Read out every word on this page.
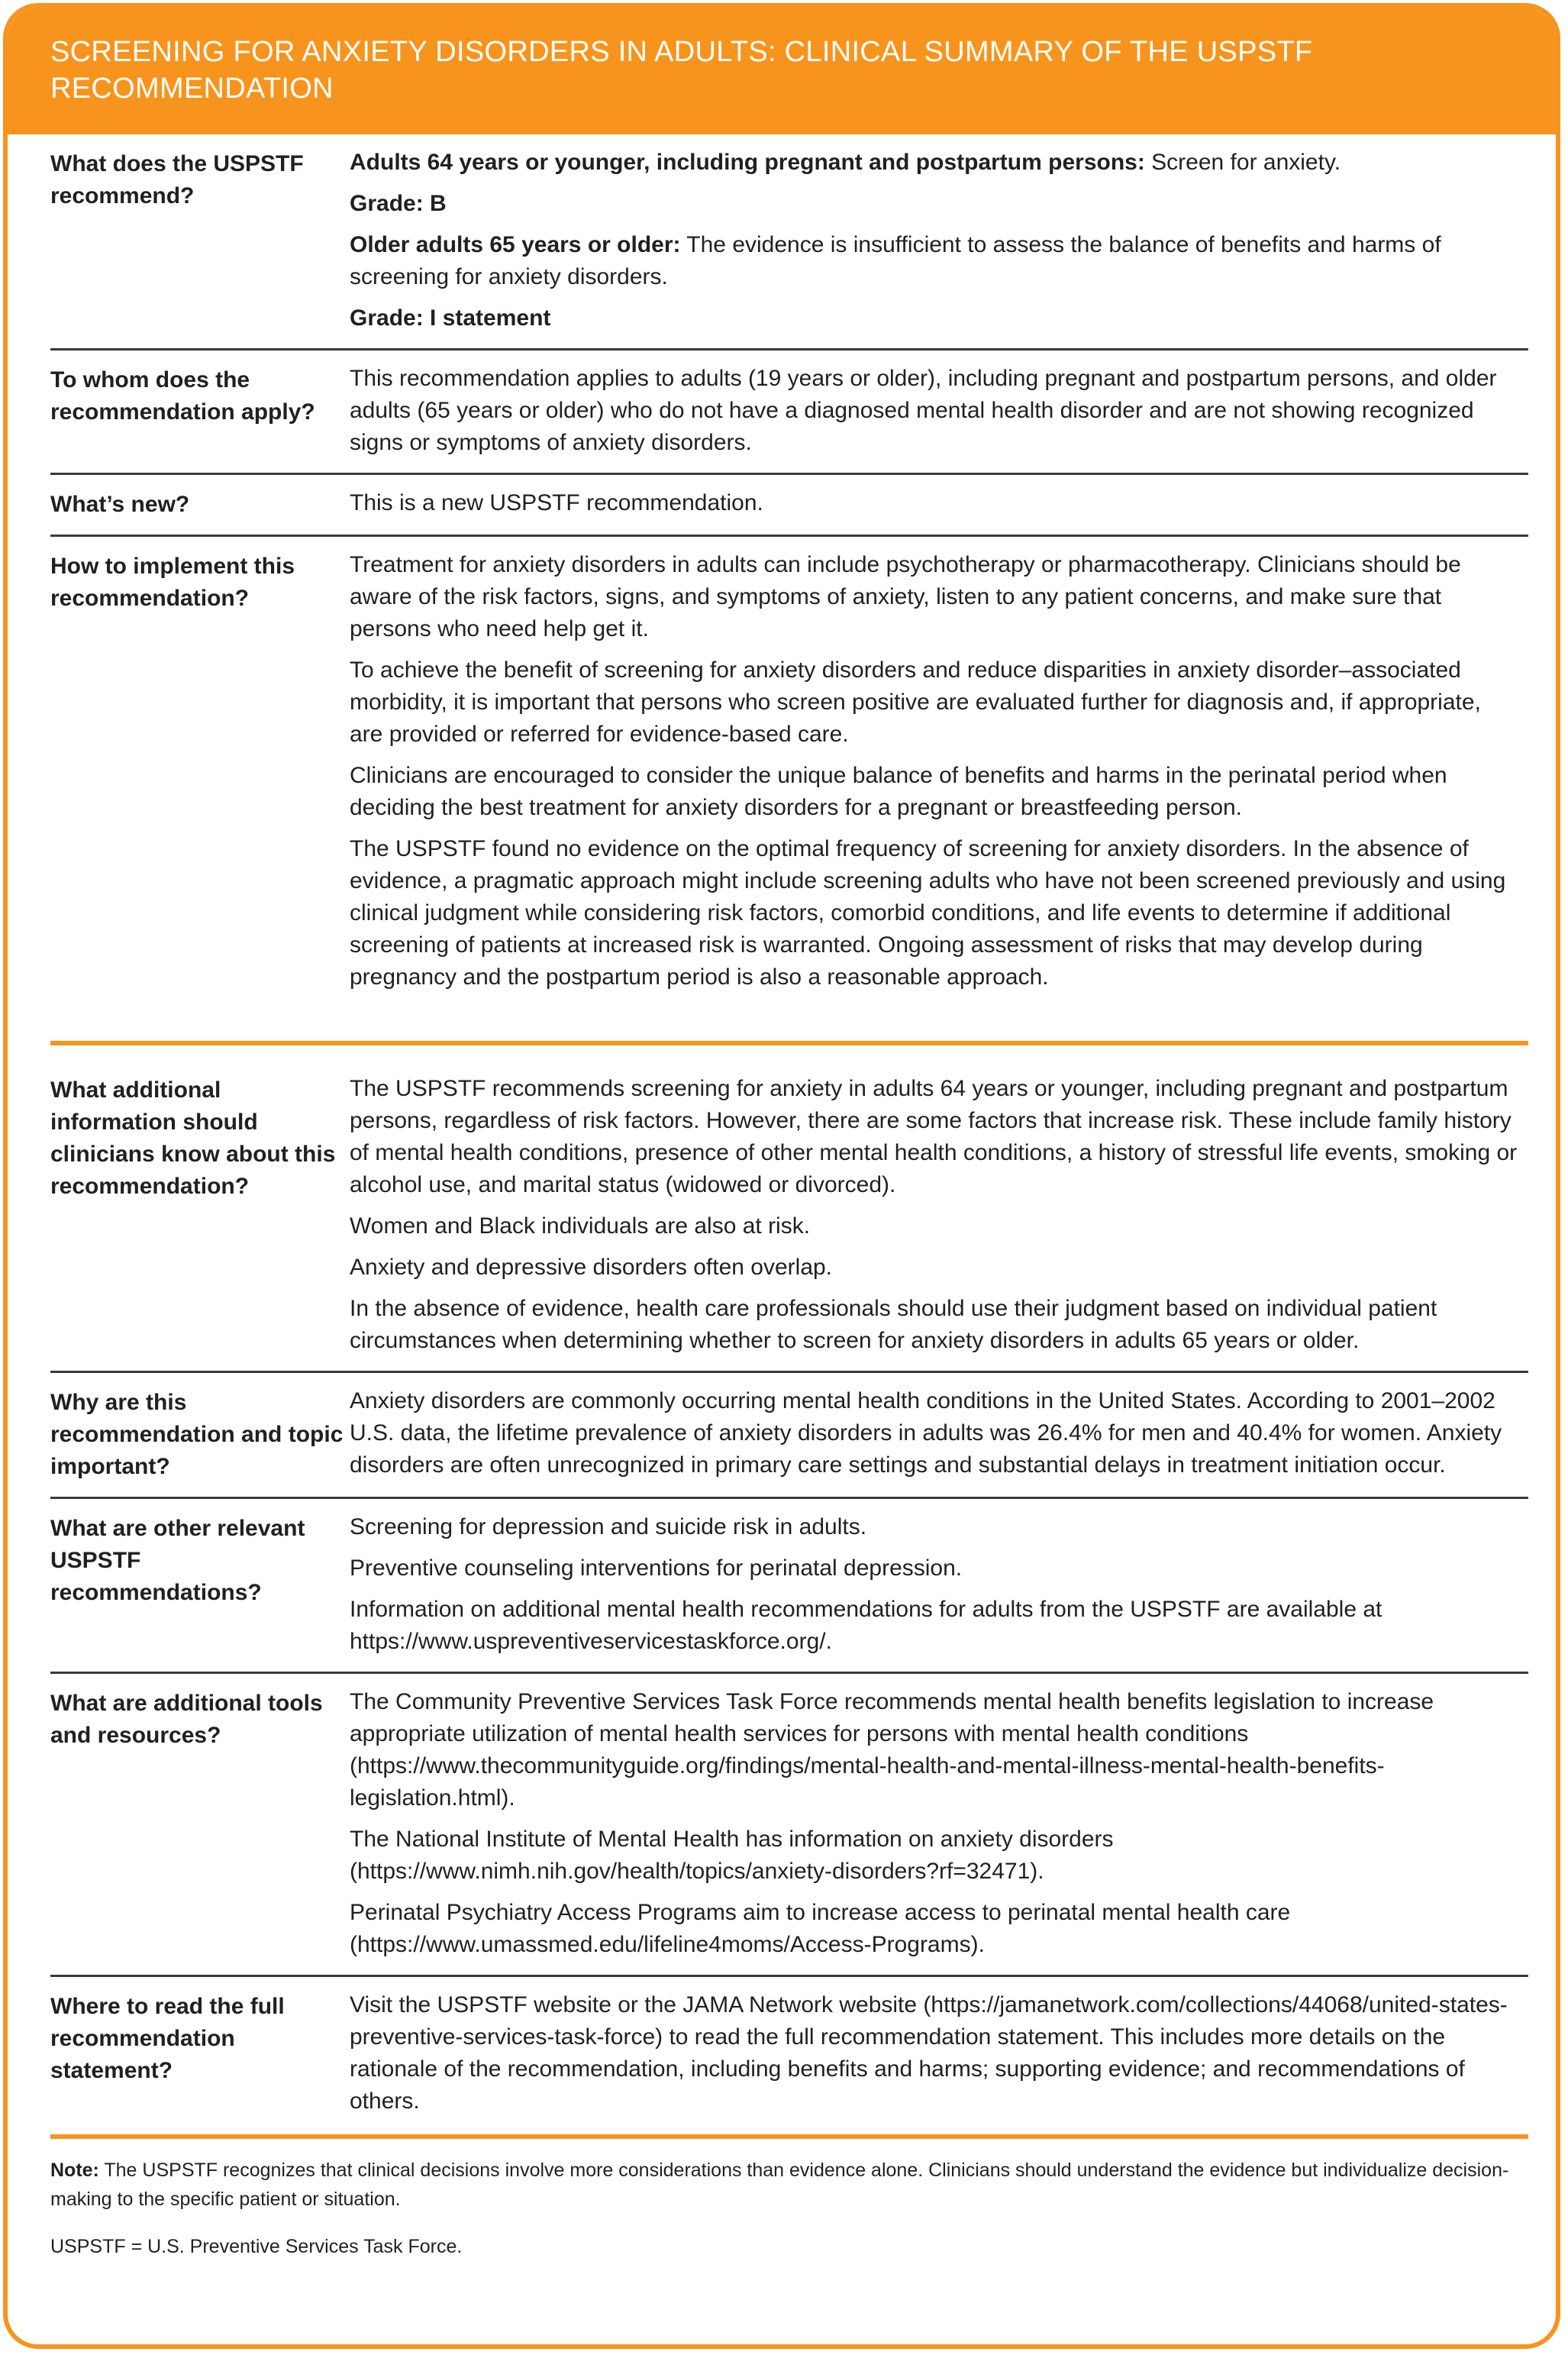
SCREENING FOR ANXIETY DISORDERS IN ADULTS: CLINICAL SUMMARY OF THE USPSTF RECOMMENDATION
What does the USPSTF recommend?

Adults 64 years or younger, including pregnant and postpartum persons: Screen for anxiety.

Grade: B

Older adults 65 years or older: The evidence is insufficient to assess the balance of benefits and harms of screening for anxiety disorders.

Grade: I statement

To whom does the recommendation apply?

This recommendation applies to adults (19 years or older), including pregnant and postpartum persons, and older adults (65 years or older) who do not have a diagnosed mental health disorder and are not showing recognized signs or symptoms of anxiety disorders.

What’s new?	This is a new USPSTF recommendation.

How to implement this recommendation?

Treatment for anxiety disorders in adults can include psychotherapy or pharmacotherapy. Clinicians should be aware of the risk factors, signs, and symptoms of anxiety, listen to any patient concerns, and make sure that persons who need help get it.

To achieve the benefit of screening for anxiety disorders and reduce disparities in anxiety disorder–associated morbidity, it is important that persons who screen positive are evaluated further for diagnosis and, if appropriate, are provided or referred for evidence-based care.

Clinicians are encouraged to consider the unique balance of benefits and harms in the perinatal period when deciding the best treatment for anxiety disorders for a pregnant or breastfeeding person.

The USPSTF found no evidence on the optimal frequency of screening for anxiety disorders. In the absence of evidence, a pragmatic approach might include screening adults who have not been screened previously and using clinical judgment while considering risk factors, comorbid conditions, and life events to determine if additional screening of patients at increased risk is warranted. Ongoing assessment of risks that may develop during pregnancy and the postpartum period is also a reasonable approach.

What additional information should clinicians know about this recommendation?

The USPSTF recommends screening for anxiety in adults 64 years or younger, including pregnant and postpartum persons, regardless of risk factors. However, there are some factors that increase risk. These include family history of mental health conditions, presence of other mental health conditions, a history of stressful life events, smoking or alcohol use, and marital status (widowed or divorced).

Women and Black individuals are also at risk.

Anxiety and depressive disorders often overlap.

In the absence of evidence, health care professionals should use their judgment based on individual patient circumstances when determining whether to screen for anxiety disorders in adults 65 years or older.

Why are this recommendation and topic important?

Anxiety disorders are commonly occurring mental health conditions in the United States. According to 2001–2002 U.S. data, the lifetime prevalence of anxiety disorders in adults was 26.4% for men and 40.4% for women. Anxiety disorders are often unrecognized in primary care settings and substantial delays in treatment initiation occur.

What are other relevant USPSTF recommendations?

Screening for depression and suicide risk in adults.

Preventive counseling interventions for perinatal depression.

Information on additional mental health recommendations for adults from the USPSTF are available at https://www.uspreventiveservicestaskforce.org/.

What are additional tools and resources?

The Community Preventive Services Task Force recommends mental health benefits legislation to increase appropriate utilization of mental health services for persons with mental health conditions (https://www.thecommunityguide.org/findings/mental-health-and-mental-illness-mental-health-benefits-legislation.html).

The National Institute of Mental Health has information on anxiety disorders (https://www.nimh.nih.gov/health/topics/anxiety-disorders?rf=32471).

Perinatal Psychiatry Access Programs aim to increase access to perinatal mental health care (https://www.umassmed.edu/lifeline4moms/Access-Programs).

Where to read the full recommendation statement?

Visit the USPSTF website or the JAMA Network website (https://jamanetwork.com/collections/44068/united-states-preventive-services-task-force) to read the full recommendation statement. This includes more details on the rationale of the recommendation, including benefits and harms; supporting evidence; and recommendations of others.

Note: The USPSTF recognizes that clinical decisions involve more considerations than evidence alone. Clinicians should understand the evidence but individualize decision-making to the specific patient or situation.

USPSTF = U.S. Preventive Services Task Force.
